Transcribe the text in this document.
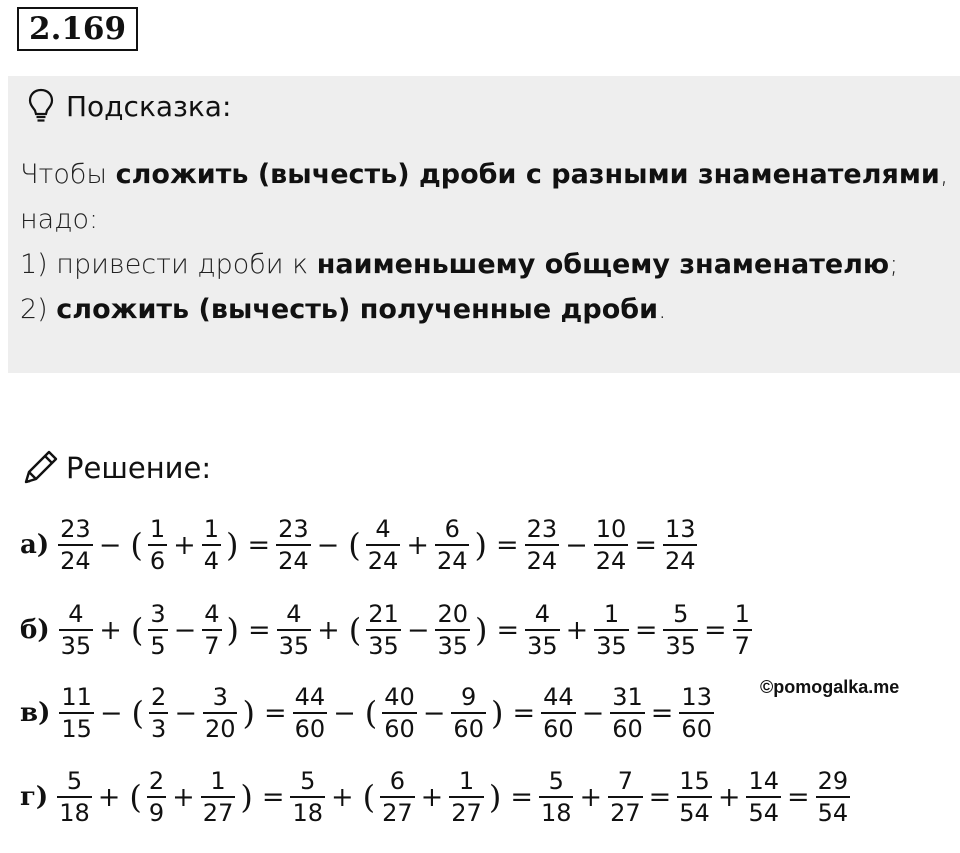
2.169
Подсказка:
Чтобы сложить (вычесть) дроби с разными знаменателями,
надо:
1) привести дроби к наименьшему общему знаменателю;
2) сложить (вычесть) полученные дроби.
Решение:
$а) \frac{23}{24}$ − ( $\frac{1}{6} + \frac{1}{4}$ ) = $\frac{23}{24}$ − ( $\frac{4}{24} + \frac{6}{24}$ ) = $\frac{23}{24} - \frac{10}{24} = \frac{13}{24}$
$б) \frac{4}{35}$ + ( $\frac{3}{5} - \frac{4}{7}$ ) = $\frac{4}{35}$ + ( $\frac{21}{35} - \frac{20}{35}$ ) = $\frac{4}{35} + \frac{1}{35} = \frac{5}{35} = \frac{1}{7}$
$в) \frac{11}{15}$ − ( $\frac{2}{3} - \frac{3}{20}$ ) = $\frac{44}{60}$ − ( $\frac{40}{60} - \frac{9}{60}$ ) = $\frac{44}{60} - \frac{31}{60} = \frac{13}{60}$
$г) \frac{5}{18}$ + ( $\frac{2}{9} + \frac{1}{27}$ ) = $\frac{5}{18}$ + ( $\frac{6}{27} + \frac{1}{27}$ ) = $\frac{5}{18} + \frac{7}{27} = \frac{15}{54} + \frac{14}{54} = \frac{29}{54}$
©pomogalka.me
